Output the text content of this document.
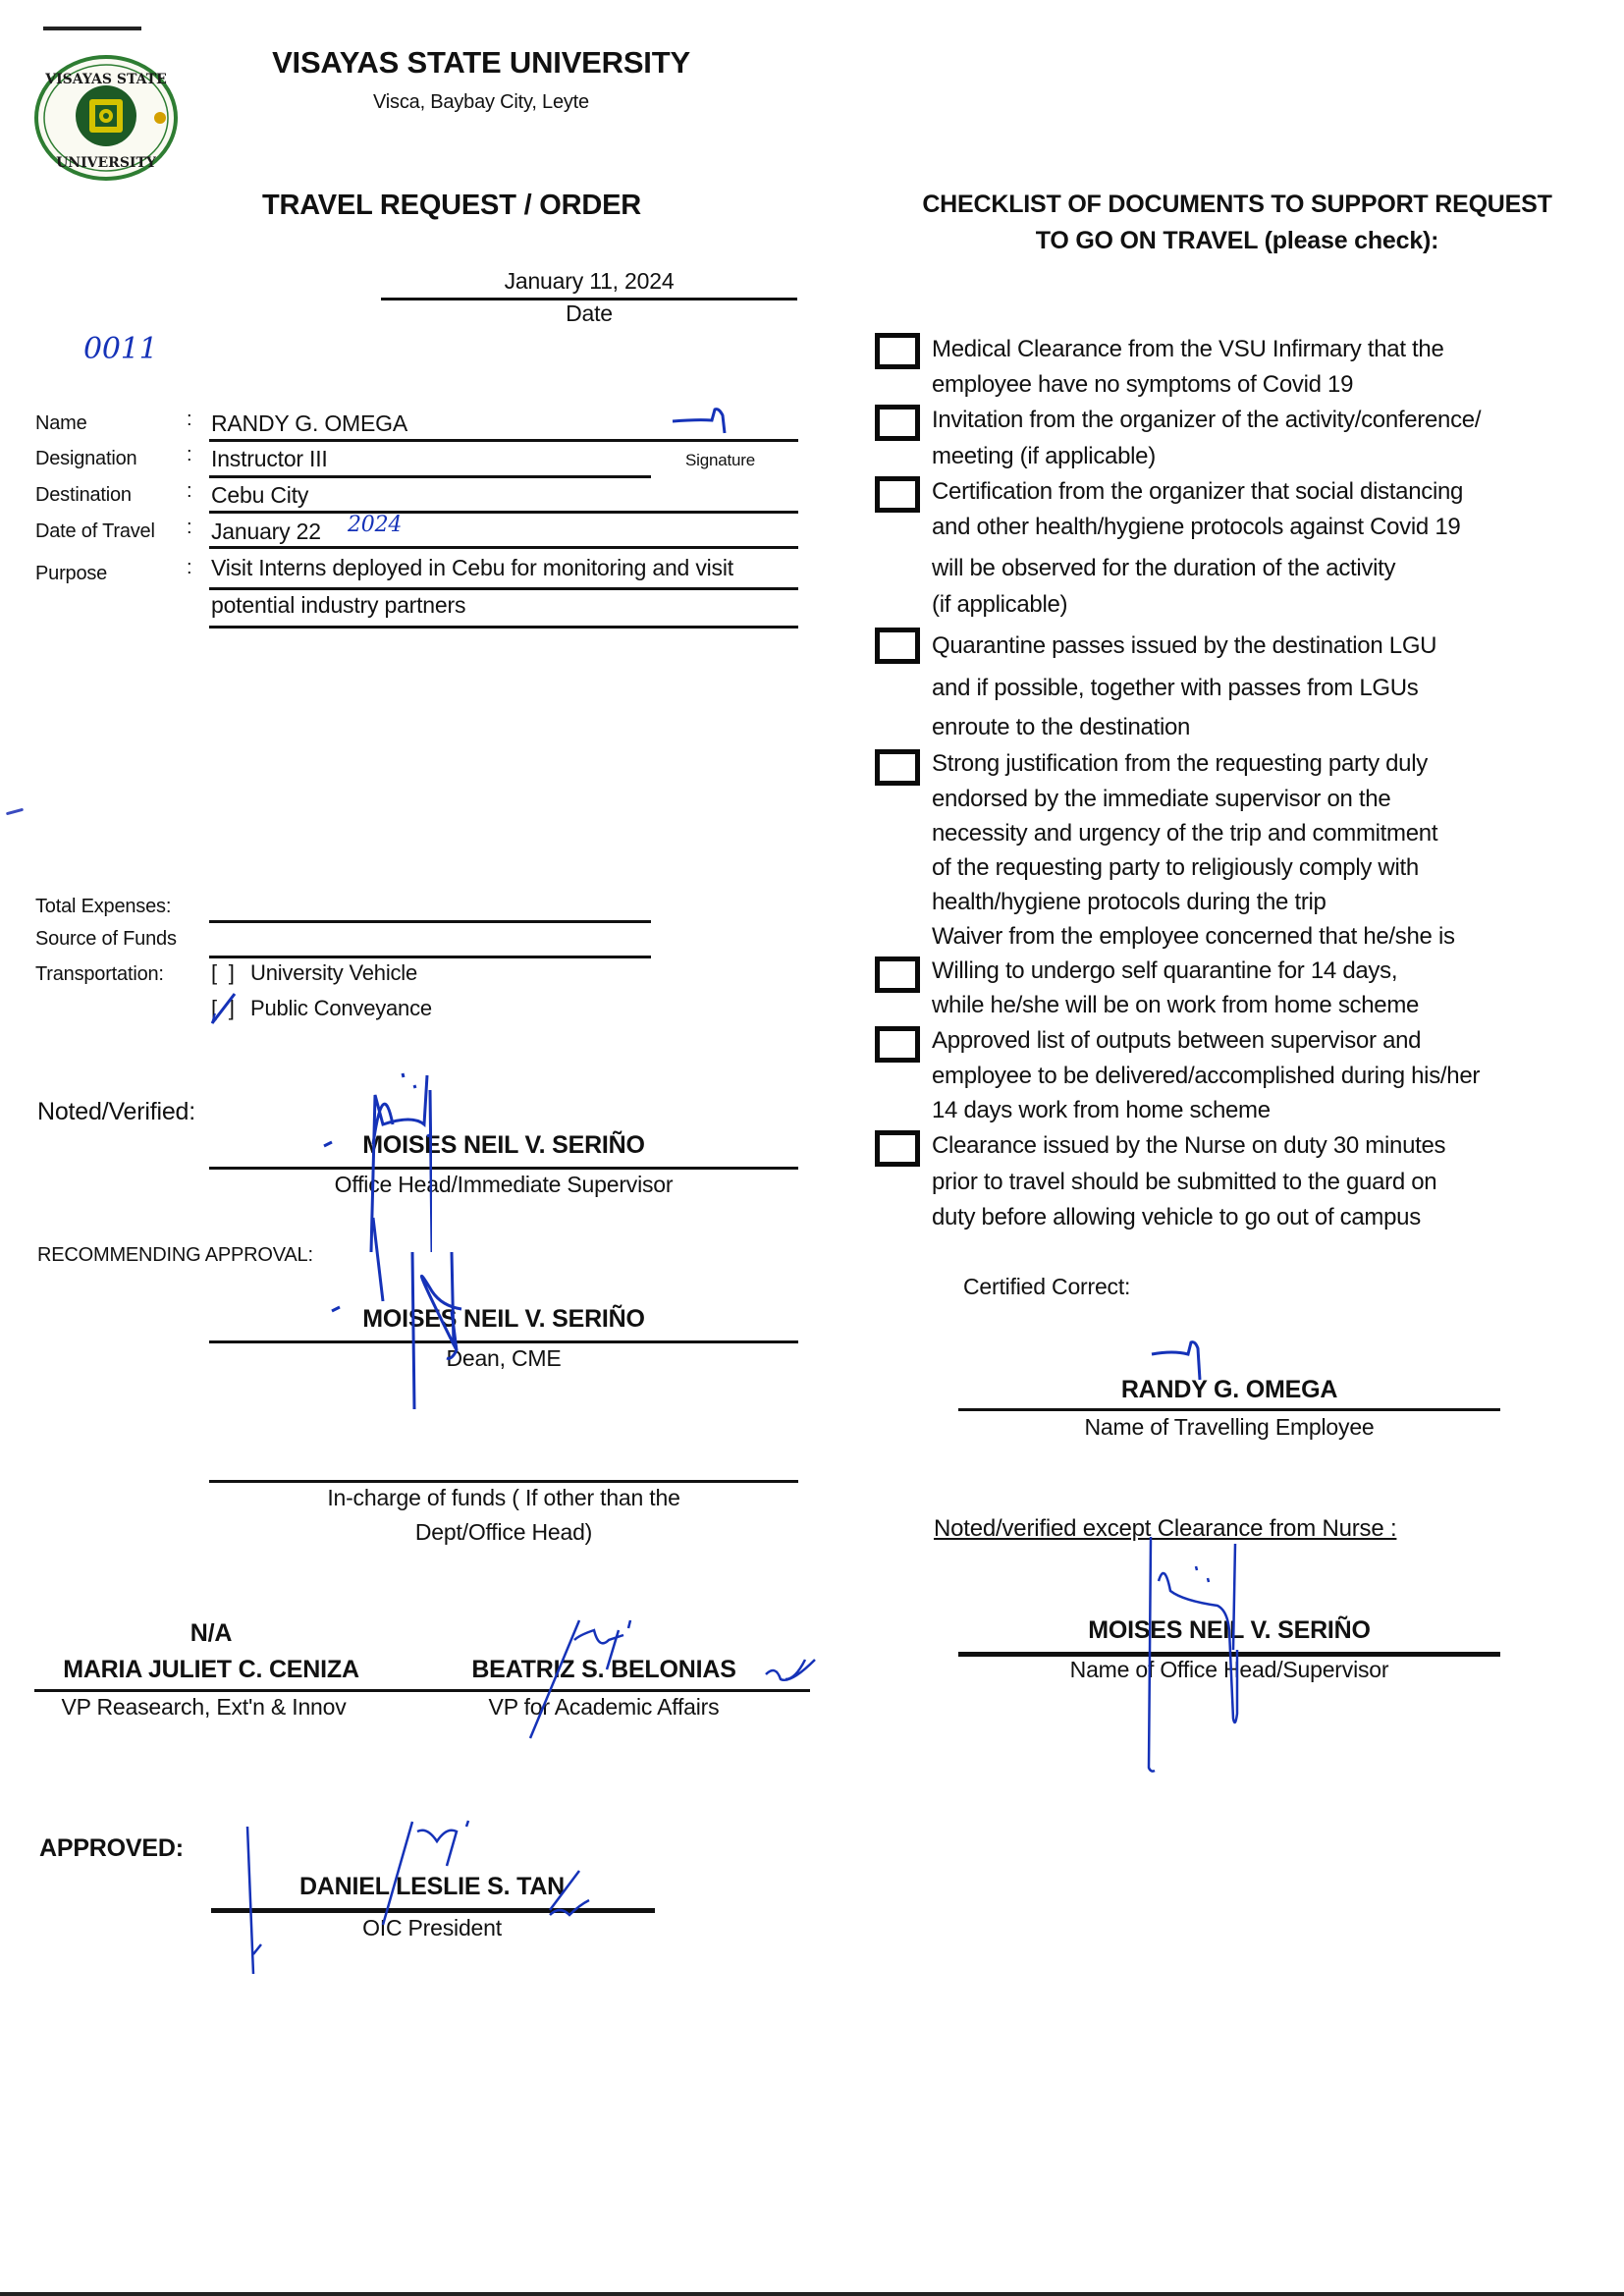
VISAYAS STATE
UNIVERSITY
VISAYAS STATE UNIVERSITY
Visca, Baybay City, Leyte
TRAVEL REQUEST / ORDER
January 11, 2024
Date
0011
Name	: RANDY G. OMEGA
Designation	: Instructor III	Signature
Destination	: Cebu City
Date of Travel : January 22 2024
Purpose	: Visit Interns deployed in Cebu for monitoring and visit
potential industry partners
Total Expenses:
Source of Funds
Transportation: [  ] University Vehicle
[  ] Public Conveyance
Noted/Verified:
MOISES NEIL V. SERIÑO
Office Head/Immediate Supervisor
RECOMMENDING APPROVAL:
MOISES NEIL V. SERIÑO
Dean, CME
In-charge of funds ( If other than the
Dept/Office Head)
N/A
MARIA JULIET C. CENIZA	BEATRIZ S. BELONIAS
VP Reasearch, Ext'n & Innov	VP for Academic Affairs
APPROVED:
DANIEL LESLIE S. TAN
OIC President
CHECKLIST OF DOCUMENTS TO SUPPORT REQUEST
TO GO ON TRAVEL (please check):
Medical Clearance from the VSU Infirmary that the
employee have no symptoms of Covid 19
Invitation from the organizer of the activity/conference/
meeting (if applicable)
Certification from the organizer that social distancing
and other health/hygiene protocols against Covid 19
will be observed for the duration of the activity
(if applicable)
Quarantine passes issued by the destination LGU
and if possible, together with passes from LGUs
enroute to the destination
Strong justification from the requesting party duly
endorsed by the immediate supervisor on the
necessity and urgency of the trip and commitment
of the requesting party to religiously comply with
health/hygiene protocols during the trip
Waiver from the employee concerned that he/she is
Willing to undergo self quarantine for 14 days,
while he/she will be on work from home scheme
Approved list of outputs between supervisor and
employee to be delivered/accomplished during his/her
14 days work from home scheme
Clearance issued by the Nurse on duty 30 minutes
prior to travel should be submitted to the guard on
duty before allowing vehicle to go out of campus
Certified Correct:
RANDY G. OMEGA
Name of Travelling Employee
Noted/verified except Clearance from Nurse :
MOISES NEIL V. SERIÑO
Name of Office Head/Supervisor
